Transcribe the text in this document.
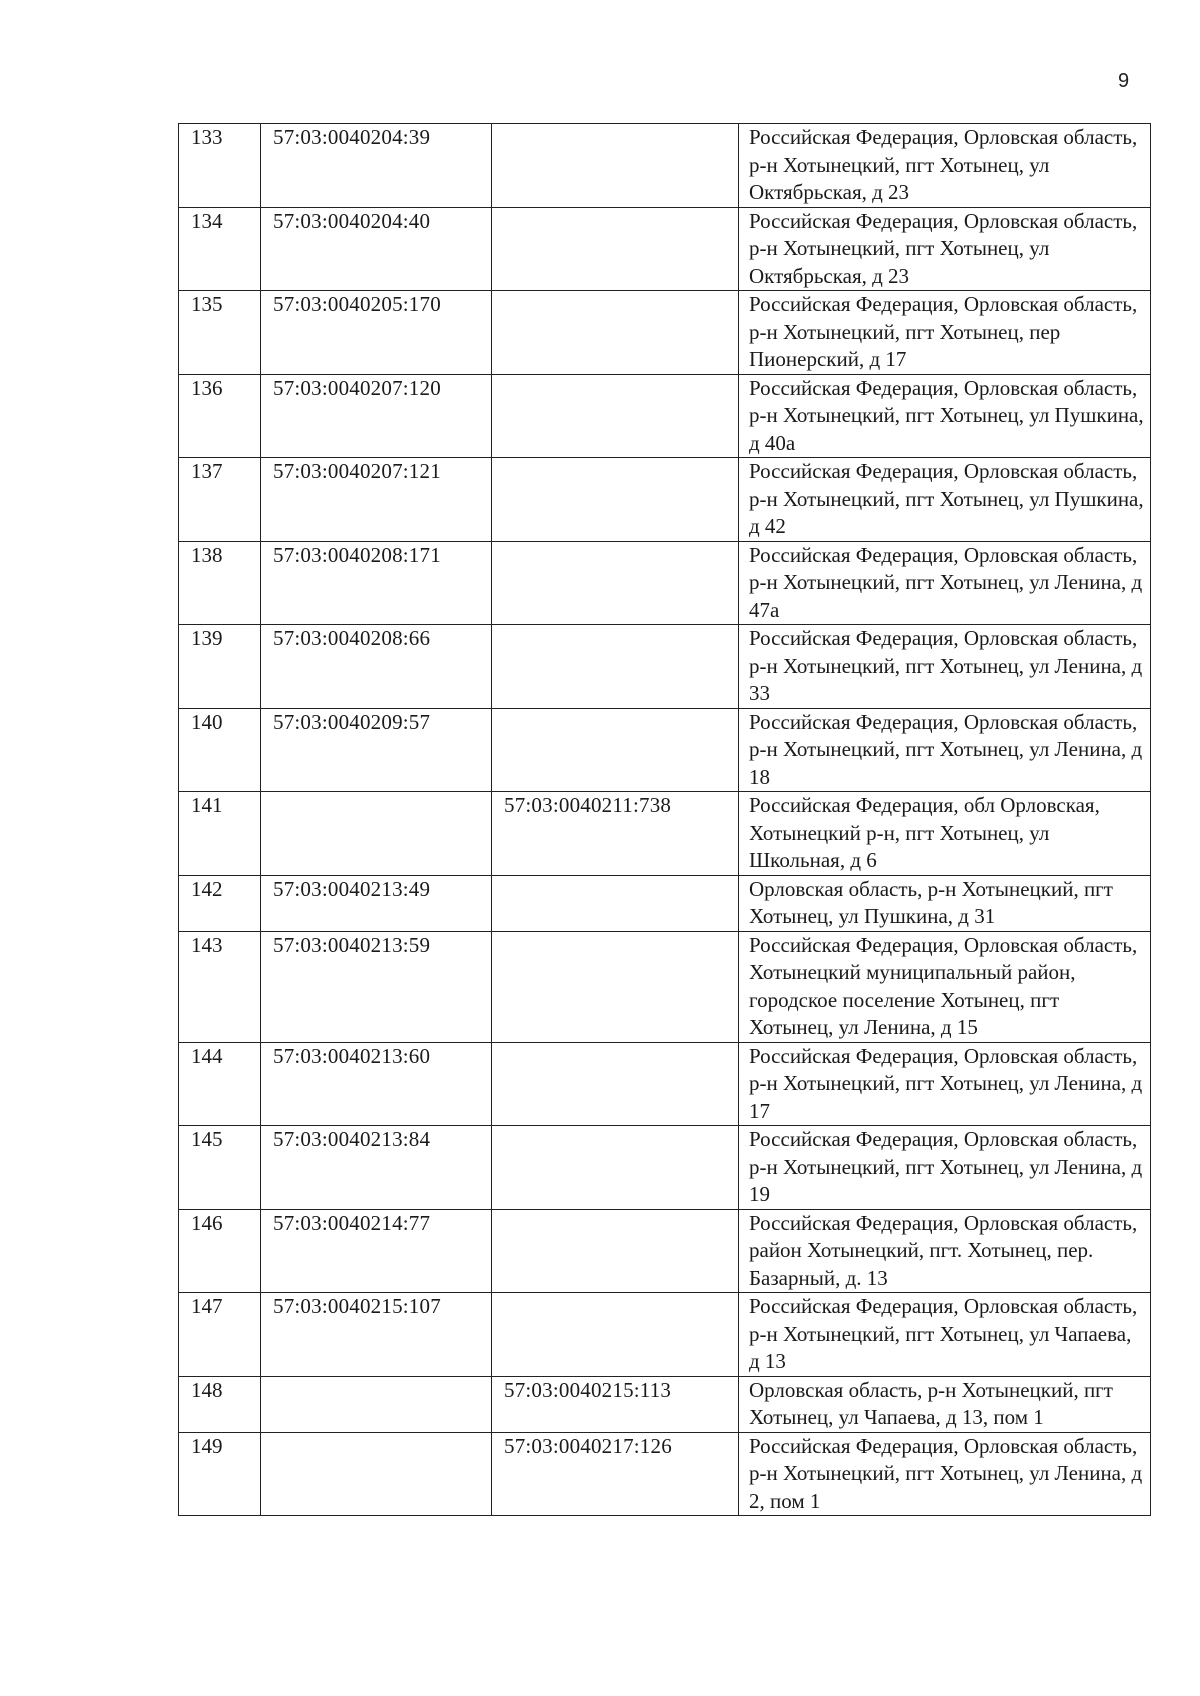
9
133	57:03:0040204:39		Российская Федерация, Орловская область, р-н Хотынецкий, пгт Хотынец, ул Октябрьская, д 23
134	57:03:0040204:40		Российская Федерация, Орловская область, р-н Хотынецкий, пгт Хотынец, ул Октябрьская, д 23
135	57:03:0040205:170		Российская Федерация, Орловская область, р-н Хотынецкий, пгт Хотынец, пер Пионерский, д 17
136	57:03:0040207:120		Российская Федерация, Орловская область, р-н Хотынецкий, пгт Хотынец, ул Пушкина, д 40а
137	57:03:0040207:121		Российская Федерация, Орловская область, р-н Хотынецкий, пгт Хотынец, ул Пушкина, д 42
138	57:03:0040208:171		Российская Федерация, Орловская область, р-н Хотынецкий, пгт Хотынец, ул Ленина, д 47а
139	57:03:0040208:66		Российская Федерация, Орловская область, р-н Хотынецкий, пгт Хотынец, ул Ленина, д 33
140	57:03:0040209:57		Российская Федерация, Орловская область, р-н Хотынецкий, пгт Хотынец, ул Ленина, д 18
141		57:03:0040211:738	Российская Федерация, обл Орловская, Хотынецкий р-н, пгт Хотынец, ул Школьная, д 6
142	57:03:0040213:49		Орловская область, р-н Хотынецкий, пгт Хотынец, ул Пушкина, д 31
143	57:03:0040213:59		Российская Федерация, Орловская область, Хотынецкий муниципальный район, городское поселение Хотынец, пгт Хотынец, ул Ленина, д 15
144	57:03:0040213:60		Российская Федерация, Орловская область, р-н Хотынецкий, пгт Хотынец, ул Ленина, д 17
145	57:03:0040213:84		Российская Федерация, Орловская область, р-н Хотынецкий, пгт Хотынец, ул Ленина, д 19
146	57:03:0040214:77		Российская Федерация, Орловская область, район Хотынецкий, пгт. Хотынец, пер. Базарный, д. 13
147	57:03:0040215:107		Российская Федерация, Орловская область, р-н Хотынецкий, пгт Хотынец, ул Чапаева, д 13
148		57:03:0040215:113	Орловская область, р-н Хотынецкий, пгт Хотынец, ул Чапаева, д 13, пом 1
149		57:03:0040217:126	Российская Федерация, Орловская область, р-н Хотынецкий, пгт Хотынец, ул Ленина, д 2, пом 1
